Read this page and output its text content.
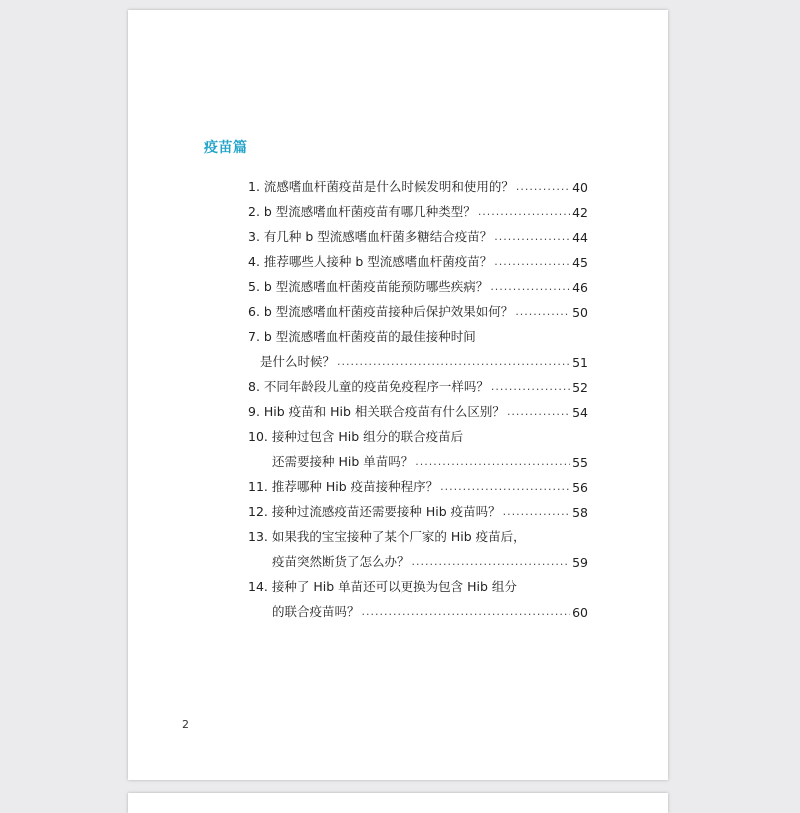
疫苗篇
1. 流感嗜血杆菌疫苗是什么时候发明和使用的？ .....	40
2. b 型流感嗜血杆菌疫苗有哪几种类型？ .....	42
3. 有几种 b 型流感嗜血杆菌多糖结合疫苗？ .....	44
4. 推荐哪些人接种 b 型流感嗜血杆菌疫苗？ .....	45
5. b 型流感嗜血杆菌疫苗能预防哪些疾病？ .....	46
6. b 型流感嗜血杆菌疫苗接种后保护效果如何？ .....	50
7. b 型流感嗜血杆菌疫苗的最佳接种时间
是什么时候？ .....	51
8. 不同年龄段儿童的疫苗免疫程序一样吗？ .....	52
9. Hib 疫苗和 Hib 相关联合疫苗有什么区别？ .....	54
10. 接种过包含 Hib 组分的联合疫苗后
还需要接种 Hib 单苗吗？ .....	55
11. 推荐哪种 Hib 疫苗接种程序？ .....	56
12. 接种过流感疫苗还需要接种 Hib 疫苗吗？ .....	58
13. 如果我的宝宝接种了某个厂家的 Hib 疫苗后，
疫苗突然断货了怎么办？ .....	59
14. 接种了 Hib 单苗还可以更换为包含 Hib 组分
的联合疫苗吗？ .....	60
2
